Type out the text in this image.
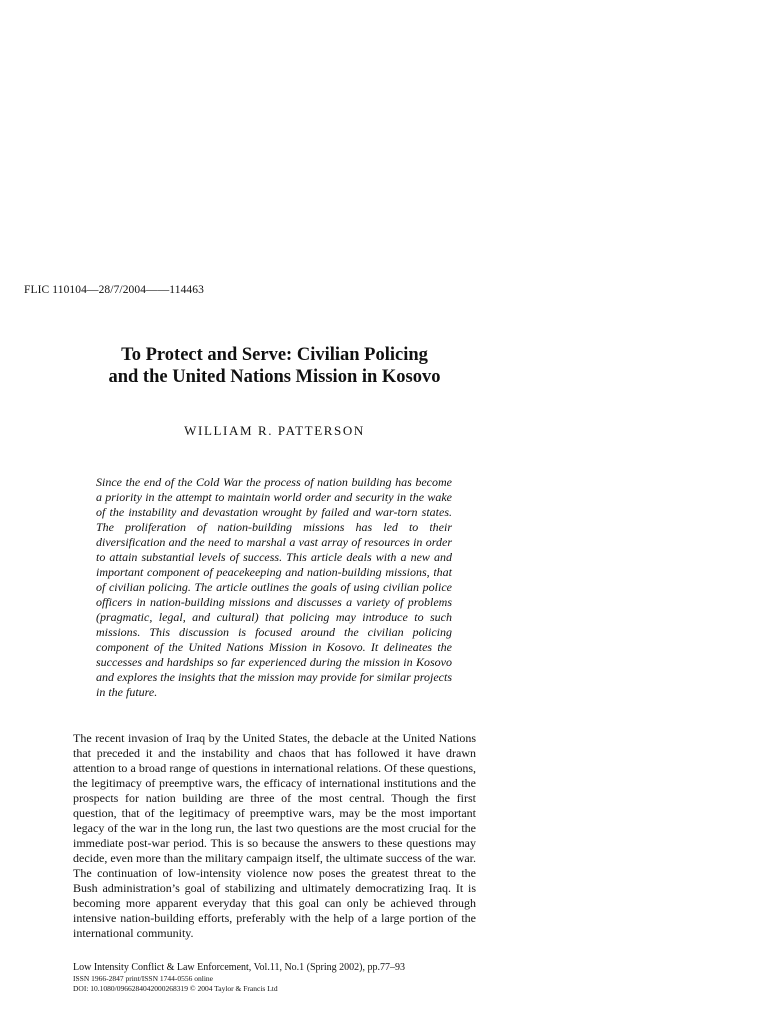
FLIC 110104—28/7/2004——114463
To Protect and Serve: Civilian Policing
and the United Nations Mission in Kosovo
WILLIAM R. PATTERSON

Since the end of the Cold War the process of nation building has become a priority in the attempt to maintain world order and security in the wake of the instability and devastation wrought by failed and war-torn states. The proliferation of nation-building missions has led to their diversification and the need to marshal a vast array of resources in order to attain substantial levels of success. This article deals with a new and important component of peacekeeping and nation-building missions, that of civilian policing. The article outlines the goals of using civilian police officers in nation-building missions and discusses a variety of problems (pragmatic, legal, and cultural) that policing may introduce to such missions. This discussion is focused around the civilian policing component of the United Nations Mission in Kosovo. It delineates the successes and hardships so far experienced during the mission in Kosovo and explores the insights that the mission may provide for similar projects in the future.

The recent invasion of Iraq by the United States, the debacle at the United Nations that preceded it and the instability and chaos that has followed it have drawn attention to a broad range of questions in international relations. Of these questions, the legitimacy of preemptive wars, the efficacy of international institutions and the prospects for nation building are three of the most central. Though the first question, that of the legitimacy of preemptive wars, may be the most important legacy of the war in the long run, the last two questions are the most crucial for the immediate post-war period. This is so because the answers to these questions may decide, even more than the military campaign itself, the ultimate success of the war. The continuation of low-intensity violence now poses the greatest threat to the Bush administration’s goal of stabilizing and ultimately democratizing Iraq. It is becoming more apparent everyday that this goal can only be achieved through intensive nation-building efforts, preferably with the help of a large portion of the international community.

Low Intensity Conflict & Law Enforcement, Vol.11, No.1 (Spring 2002), pp.77–93
ISSN 1966-2847 print/ISSN 1744-0556 online
DOI: 10.1080/0966284042000268319 © 2004 Taylor & Francis Ltd
